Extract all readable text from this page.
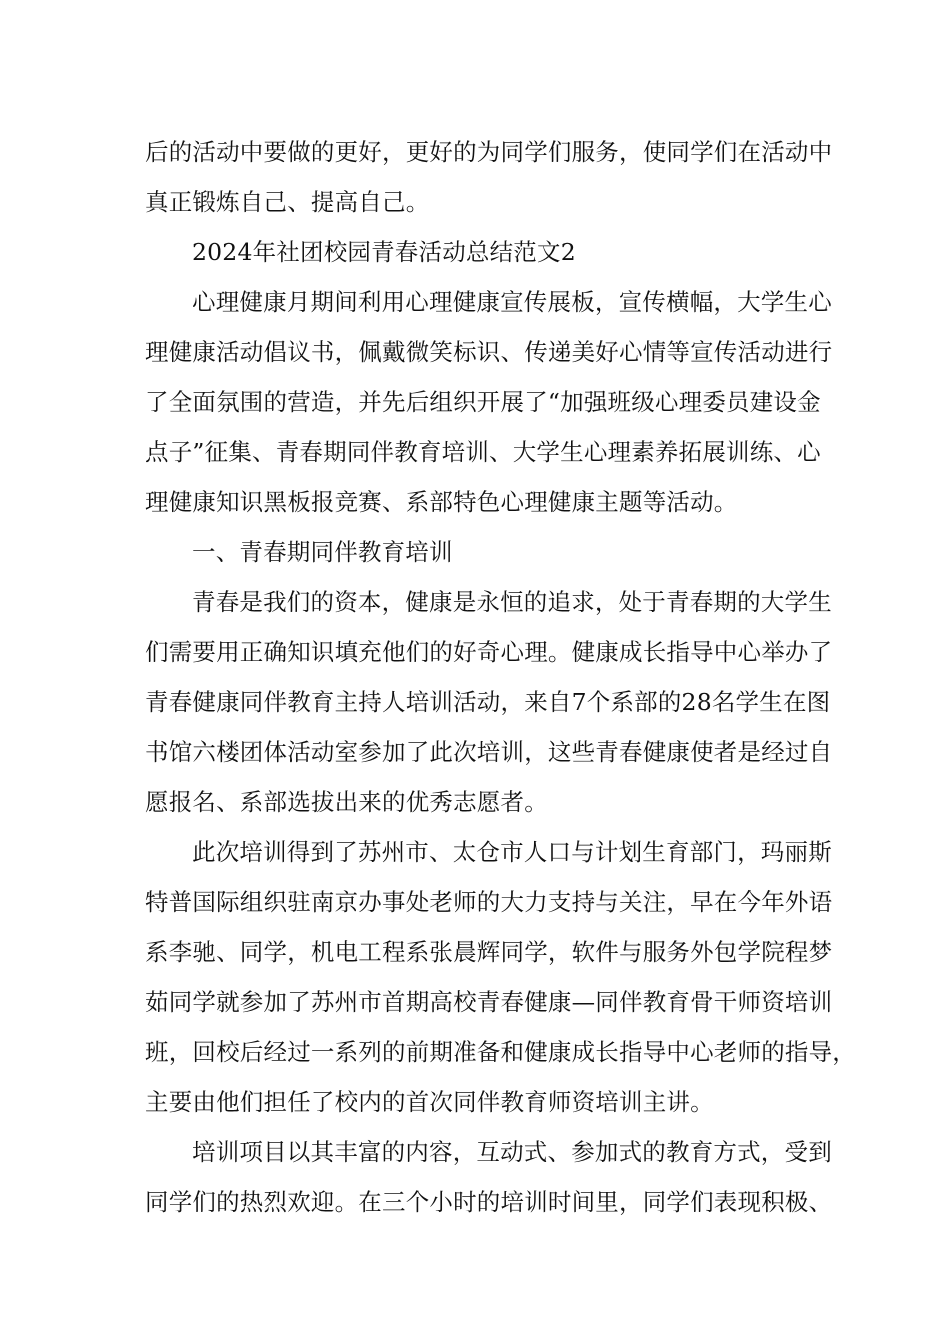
后的活动中要做的更好，更好的为同学们服务，使同学们在活动中
真正锻炼自己、提高自己。
2024年社团校园青春活动总结范文2
心理健康月期间利用心理健康宣传展板，宣传横幅，大学生心
理健康活动倡议书，佩戴微笑标识、传递美好心情等宣传活动进行
了全面氛围的营造，并先后组织开展了“加强班级心理委员建设金
点子”征集、青春期同伴教育培训、大学生心理素养拓展训练、心
理健康知识黑板报竞赛、系部特色心理健康主题等活动。
一、青春期同伴教育培训
青春是我们的资本，健康是永恒的追求，处于青春期的大学生
们需要用正确知识填充他们的好奇心理。健康成长指导中心举办了
青春健康同伴教育主持人培训活动，来自7个系部的28名学生在图
书馆六楼团体活动室参加了此次培训，这些青春健康使者是经过自
愿报名、系部选拔出来的优秀志愿者。
此次培训得到了苏州市、太仓市人口与计划生育部门，玛丽斯
特普国际组织驻南京办事处老师的大力支持与关注，早在今年外语
系李驰、同学，机电工程系张晨辉同学，软件与服务外包学院程梦
茹同学就参加了苏州市首期高校青春健康—同伴教育骨干师资培训
班，回校后经过一系列的前期准备和健康成长指导中心老师的指导，
主要由他们担任了校内的首次同伴教育师资培训主讲。
培训项目以其丰富的内容，互动式、参加式的教育方式，受到
同学们的热烈欢迎。在三个小时的培训时间里，同学们表现积极、
